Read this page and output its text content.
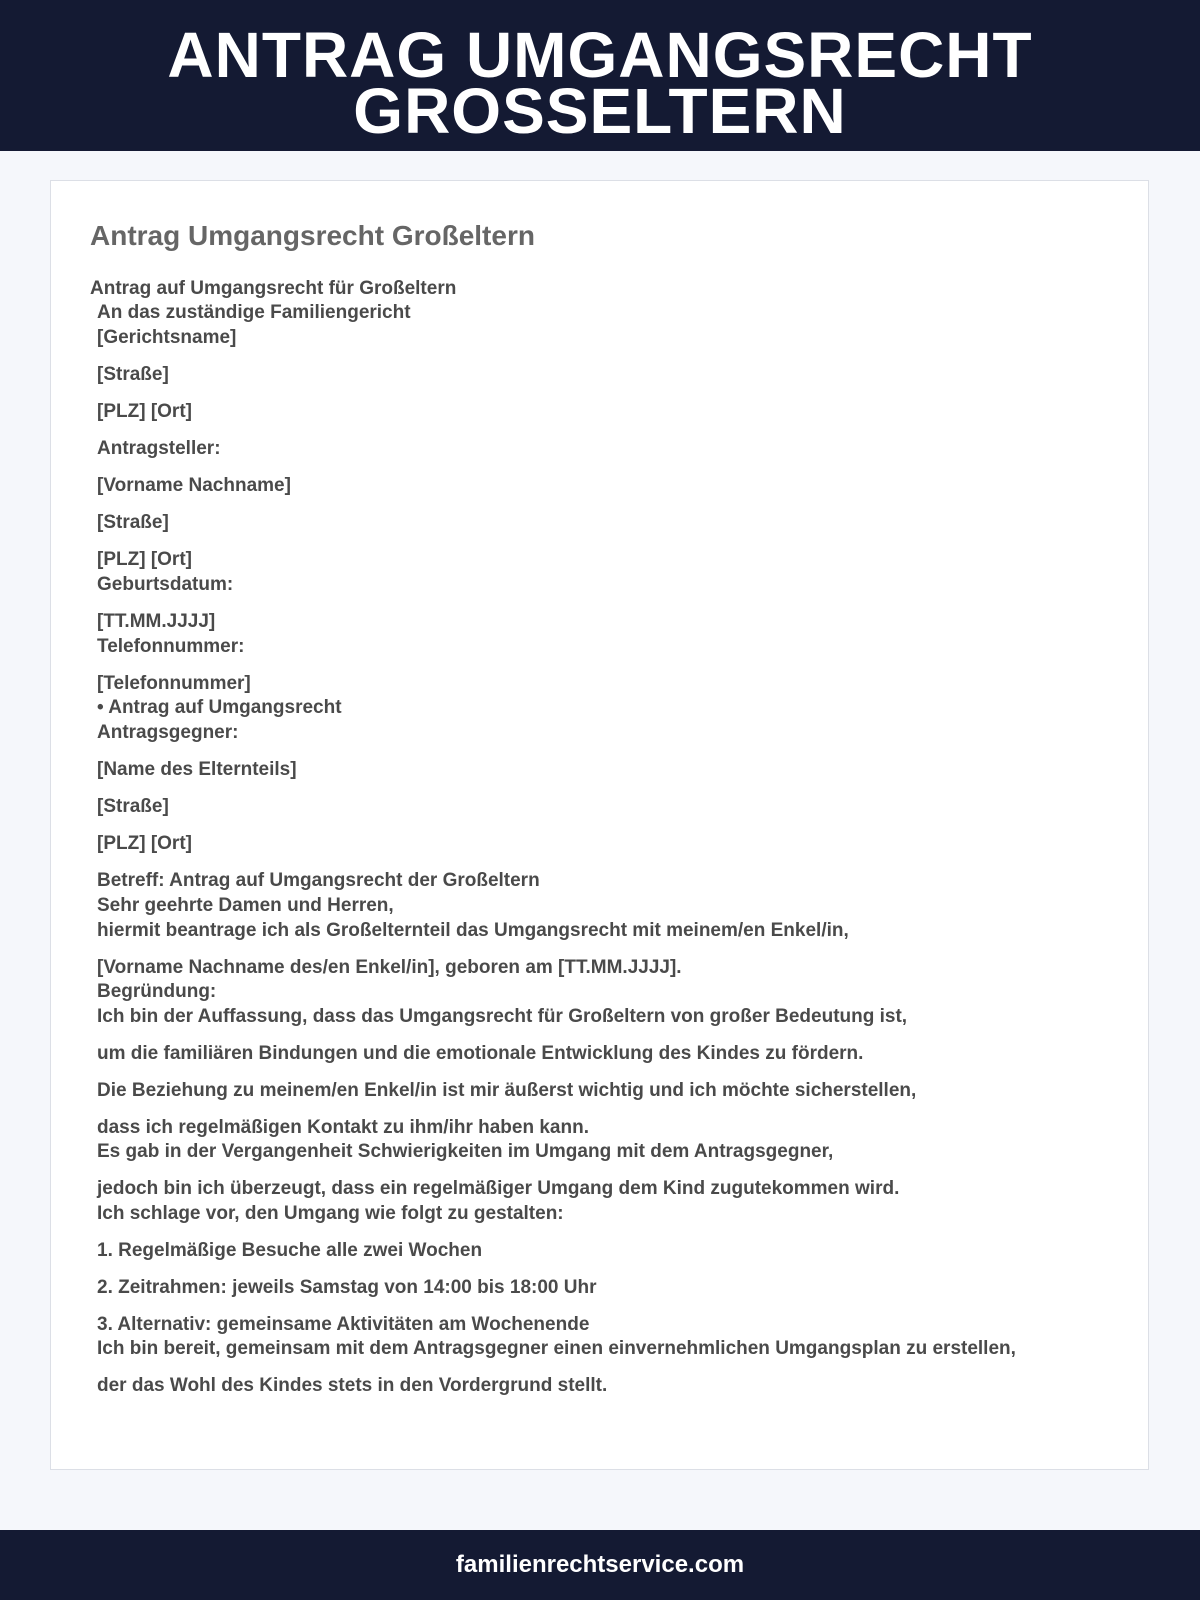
ANTRAG UMGANGSRECHT
GROSSELTERN
Antrag Umgangsrecht Großeltern
Antrag auf Umgangsrecht für Großeltern
An das zuständige Familiengericht
[Gerichtsname]
[Straße]
[PLZ] [Ort]
Antragsteller:
[Vorname Nachname]
[Straße]
[PLZ] [Ort]
Geburtsdatum:
[TT.MM.JJJJ]
Telefonnummer:
[Telefonnummer]
• Antrag auf Umgangsrecht
Antragsgegner:
[Name des Elternteils]
[Straße]
[PLZ] [Ort]
Betreff: Antrag auf Umgangsrecht der Großeltern
Sehr geehrte Damen und Herren,
hiermit beantrage ich als Großelternteil das Umgangsrecht mit meinem/en Enkel/in,
[Vorname Nachname des/en Enkel/in], geboren am [TT.MM.JJJJ].
Begründung:
Ich bin der Auffassung, dass das Umgangsrecht für Großeltern von großer Bedeutung ist,
um die familiären Bindungen und die emotionale Entwicklung des Kindes zu fördern.
Die Beziehung zu meinem/en Enkel/in ist mir äußerst wichtig und ich möchte sicherstellen,
dass ich regelmäßigen Kontakt zu ihm/ihr haben kann.
Es gab in der Vergangenheit Schwierigkeiten im Umgang mit dem Antragsgegner,
jedoch bin ich überzeugt, dass ein regelmäßiger Umgang dem Kind zugutekommen wird.
Ich schlage vor, den Umgang wie folgt zu gestalten:
1. Regelmäßige Besuche alle zwei Wochen
2. Zeitrahmen: jeweils Samstag von 14:00 bis 18:00 Uhr
3. Alternativ: gemeinsame Aktivitäten am Wochenende
Ich bin bereit, gemeinsam mit dem Antragsgegner einen einvernehmlichen Umgangsplan zu erstellen,
der das Wohl des Kindes stets in den Vordergrund stellt.
familienrechtservice.com
